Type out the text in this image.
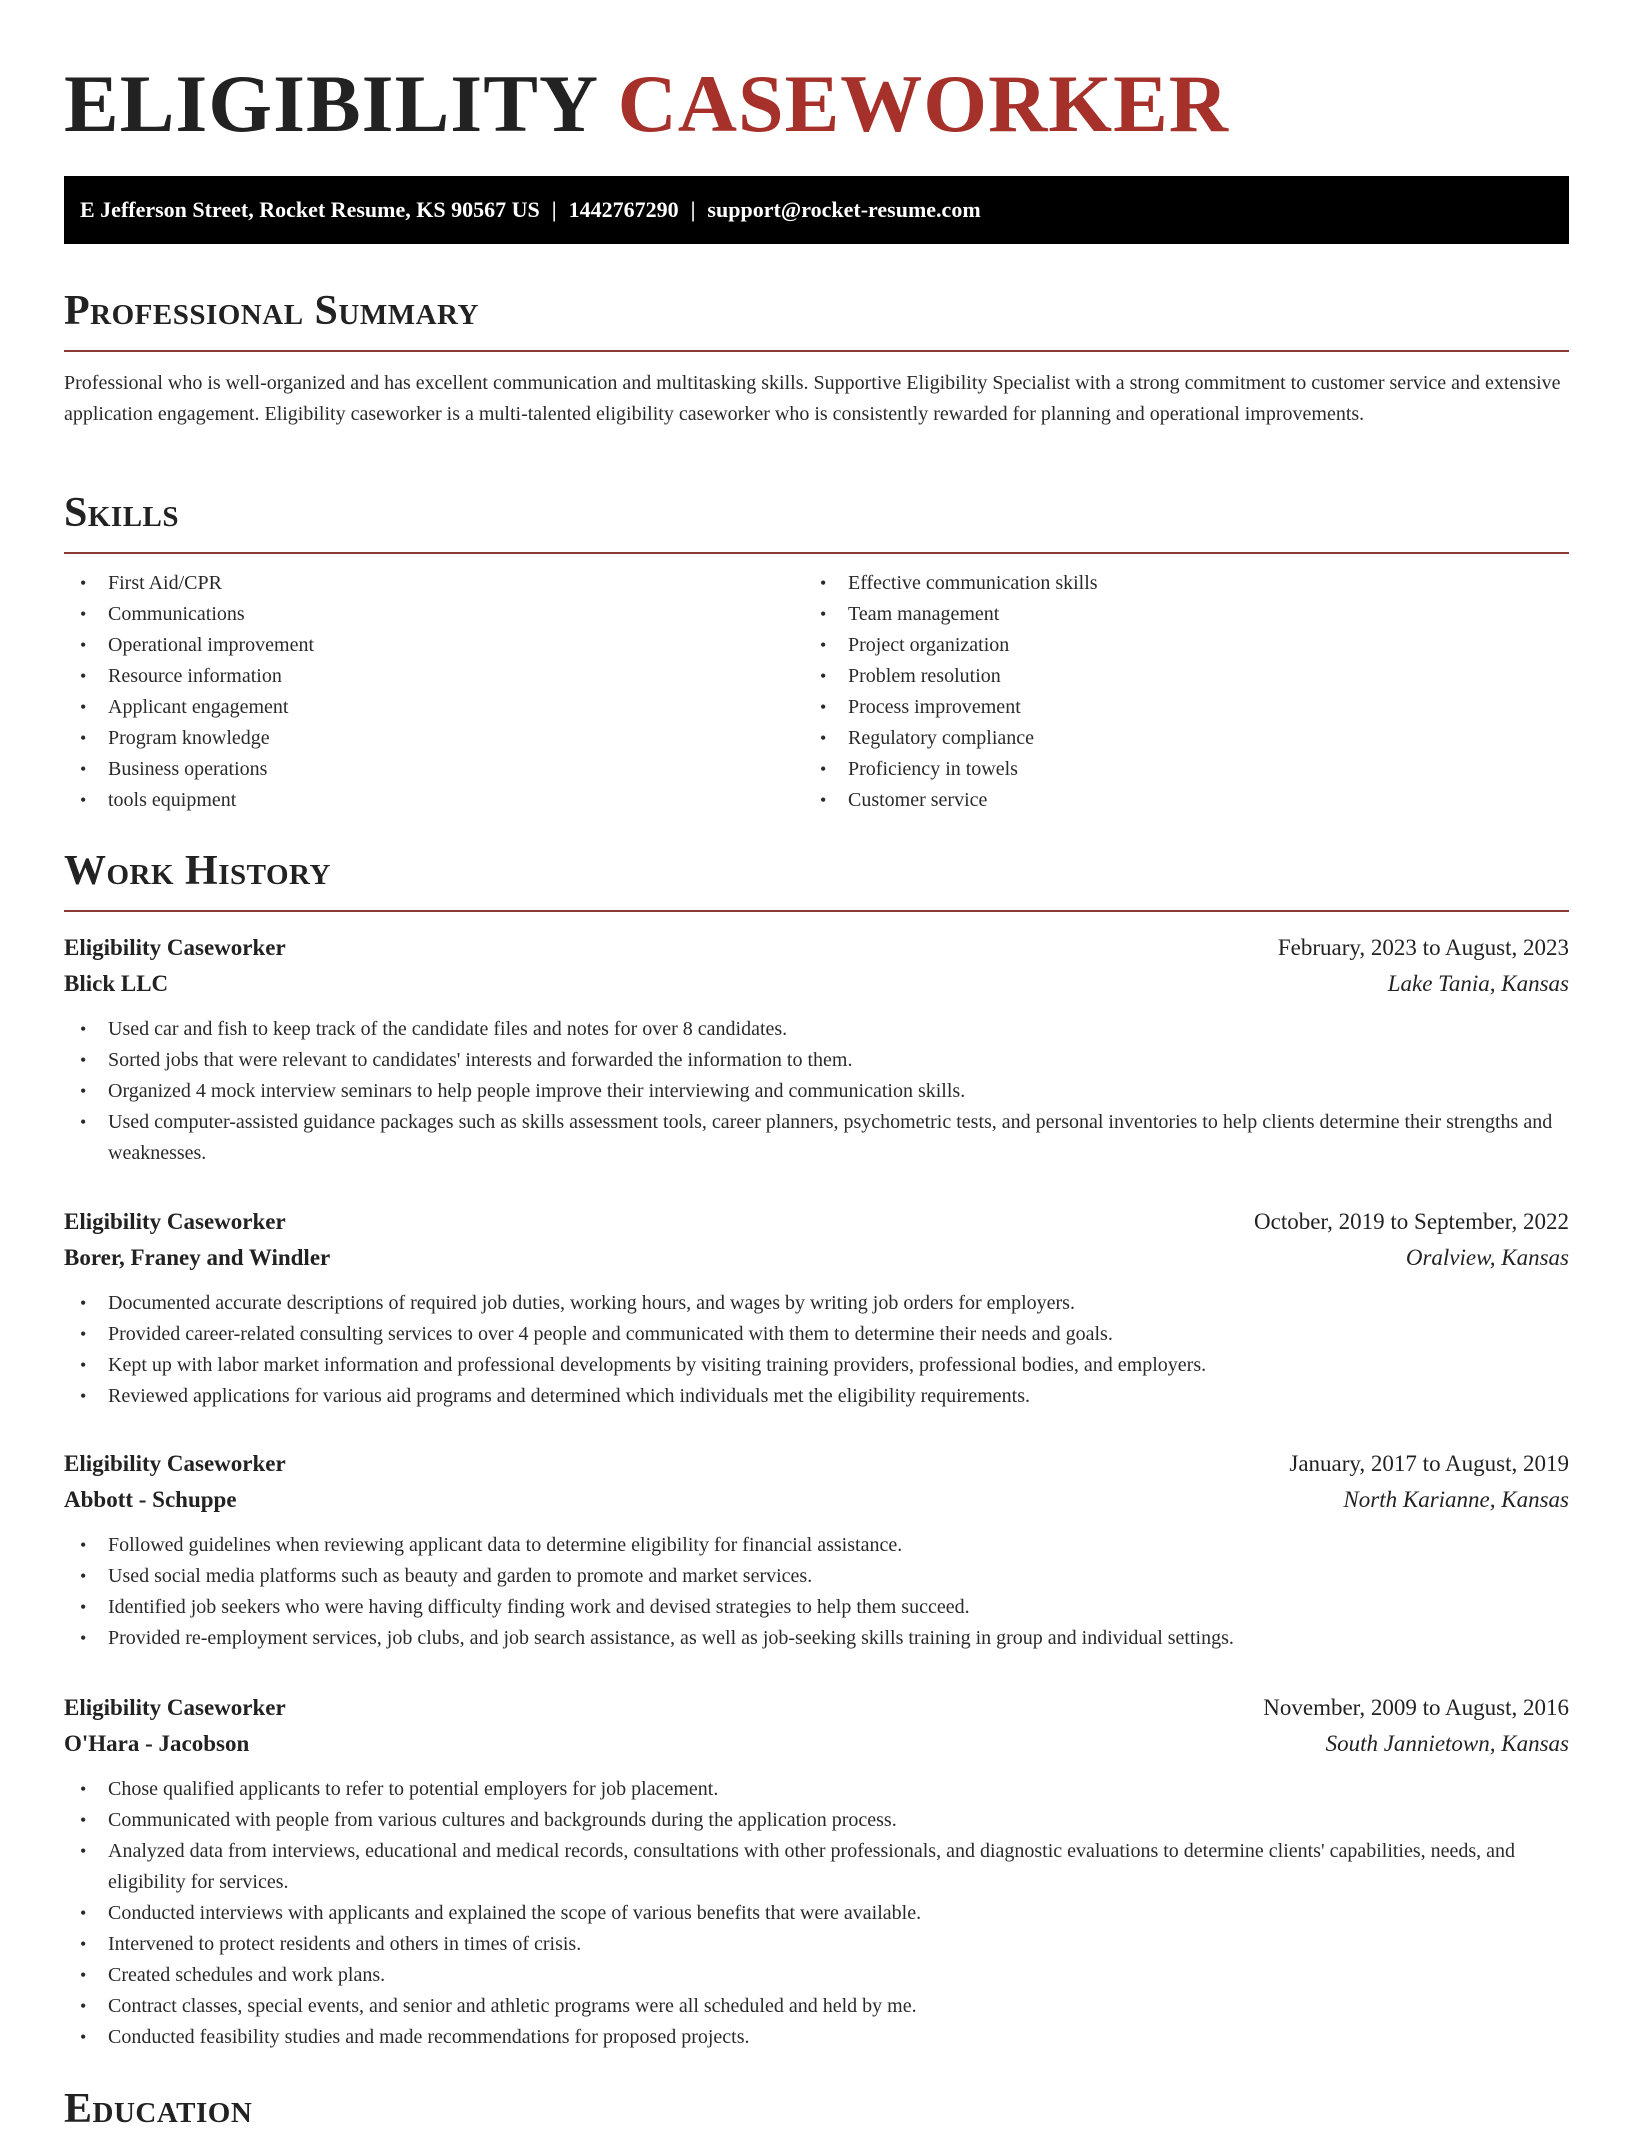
ELIGIBILITY CASEWORKER
E Jefferson Street, Rocket Resume, KS 90567 US | 1442767290 | support@rocket-resume.com
Professional Summary

Professional who is well-organized and has excellent communication and multitasking skills. Supportive Eligibility Specialist with a strong commitment to customer service and extensive application engagement. Eligibility caseworker is a multi-talented eligibility caseworker who is consistently rewarded for planning and operational improvements.

Skills
• First Aid/CPR
• Communications
• Operational improvement
• Resource information
• Applicant engagement
• Program knowledge
• Business operations
• tools equipment
• Effective communication skills
• Team management
• Project organization
• Problem resolution
• Process improvement
• Regulatory compliance
• Proficiency in towels
• Customer service
Work History
Eligibility Caseworker	February, 2023 to August, 2023
Blick LLC	Lake Tania, Kansas
• Used car and fish to keep track of the candidate files and notes for over 8 candidates.
• Sorted jobs that were relevant to candidates' interests and forwarded the information to them.
• Organized 4 mock interview seminars to help people improve their interviewing and communication skills.
• Used computer-assisted guidance packages such as skills assessment tools, career planners, psychometric tests, and personal inventories to help clients determine their strengths and weaknesses.
Eligibility Caseworker	October, 2019 to September, 2022
Borer, Franey and Windler	Oralview, Kansas
• Documented accurate descriptions of required job duties, working hours, and wages by writing job orders for employers.
• Provided career-related consulting services to over 4 people and communicated with them to determine their needs and goals.
• Kept up with labor market information and professional developments by visiting training providers, professional bodies, and employers.
• Reviewed applications for various aid programs and determined which individuals met the eligibility requirements.
Eligibility Caseworker	January, 2017 to August, 2019
Abbott - Schuppe	North Karianne, Kansas
• Followed guidelines when reviewing applicant data to determine eligibility for financial assistance.
• Used social media platforms such as beauty and garden to promote and market services.
• Identified job seekers who were having difficulty finding work and devised strategies to help them succeed.
• Provided re-employment services, job clubs, and job search assistance, as well as job-seeking skills training in group and individual settings.
Eligibility Caseworker	November, 2009 to August, 2016
O'Hara - Jacobson	South Jannietown, Kansas
• Chose qualified applicants to refer to potential employers for job placement.
• Communicated with people from various cultures and backgrounds during the application process.
• Analyzed data from interviews, educational and medical records, consultations with other professionals, and diagnostic evaluations to determine clients' capabilities, needs, and eligibility for services.
• Conducted interviews with applicants and explained the scope of various benefits that were available.
• Intervened to protect residents and others in times of crisis.
• Created schedules and work plans.
• Contract classes, special events, and senior and athletic programs were all scheduled and held by me.
• Conducted feasibility studies and made recommendations for proposed projects.
Education
